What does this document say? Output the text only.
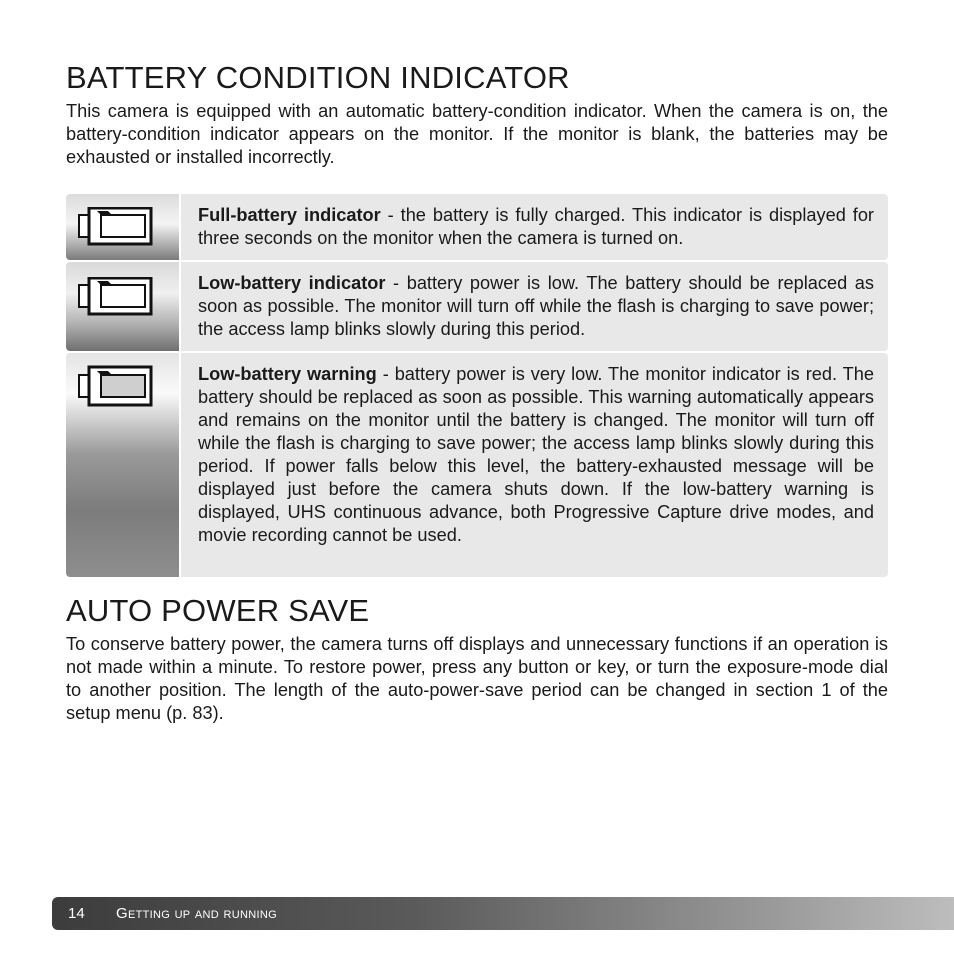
BATTERY CONDITION INDICATOR

This camera is equipped with an automatic battery-condition indicator. When the camera is on, the battery-condition indicator appears on the monitor. If the monitor is blank, the batteries may be exhausted or installed incorrectly.

Full-battery indicator - the battery is fully charged. This indicator is displayed for three seconds on the monitor when the camera is turned on.
Low-battery indicator - battery power is low. The battery should be replaced as soon as possible. The monitor will turn off while the flash is charging to save power; the access lamp blinks slowly during this period.
Low-battery warning - battery power is very low. The monitor indicator is red. The battery should be replaced as soon as possible. This warning automatically appears and remains on the monitor until the battery is changed. The monitor will turn off while the flash is charging to save power; the access lamp blinks slowly during this period. If power falls below this level, the battery-exhausted message will be displayed just before the camera shuts down. If the low-battery warning is displayed, UHS continuous advance, both Progressive Capture drive modes, and movie recording cannot be used.
AUTO POWER SAVE

To conserve battery power, the camera turns off displays and unnecessary functions if an operation is not made within a minute. To restore power, press any button or key, or turn the exposure-mode dial to another position. The length of the auto-power-save period can be changed in section 1 of the setup menu (p. 83).

14	Getting up and running
